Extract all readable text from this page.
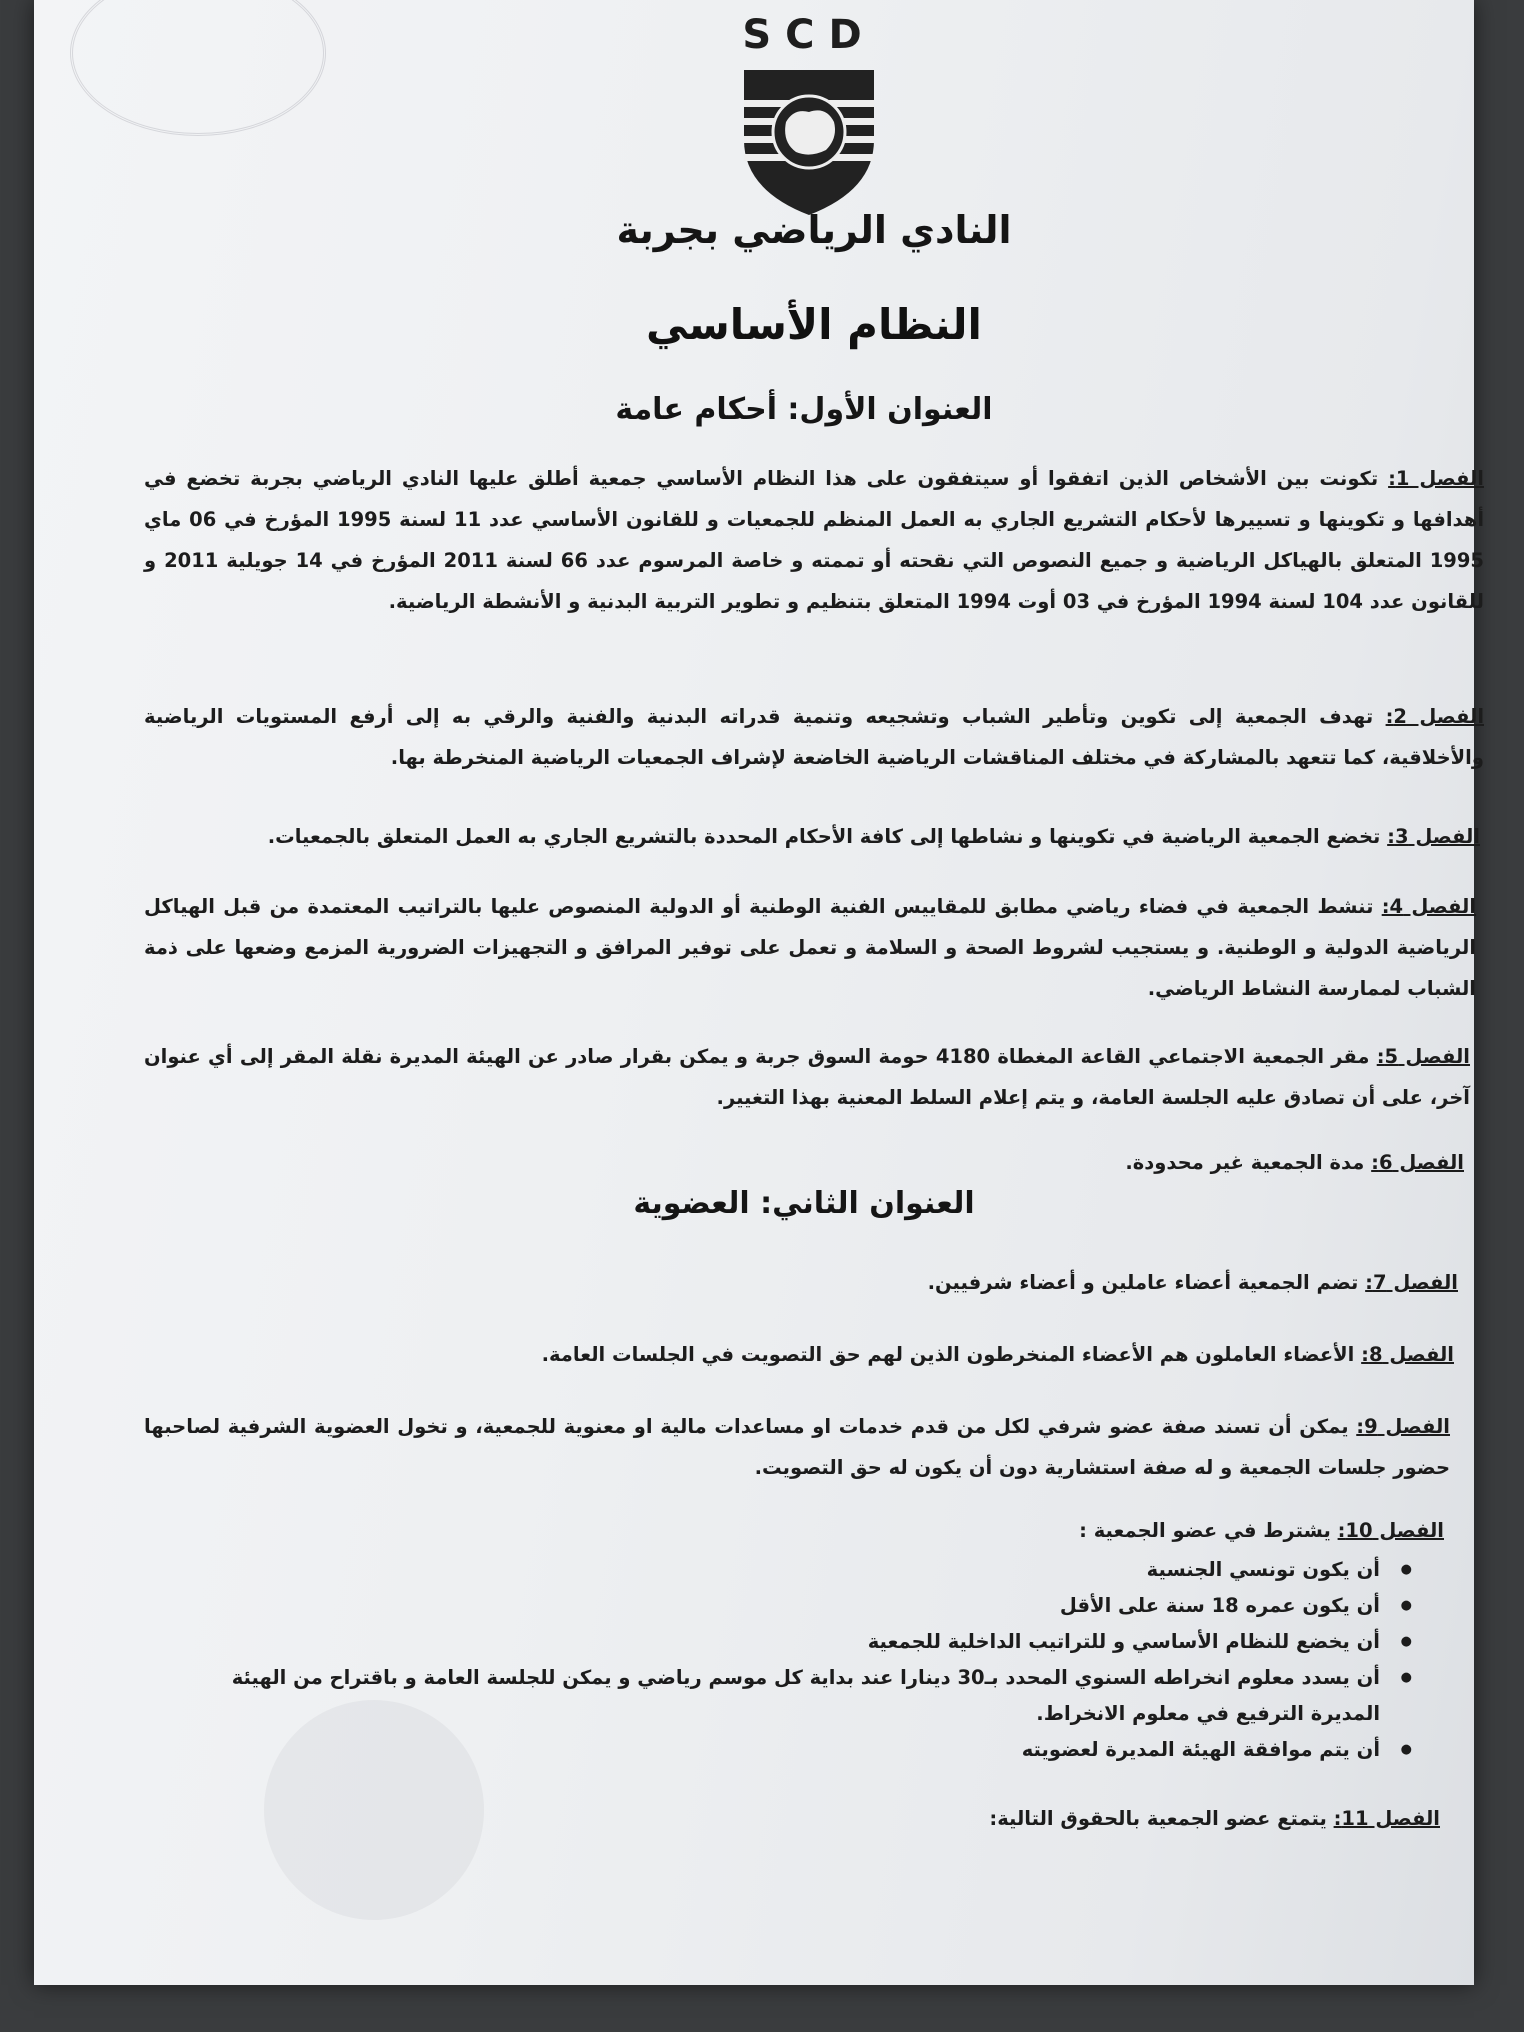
SCD
النادي الرياضي بجربة
النظام الأساسي
العنوان الأول: أحكام عامة
الفصل 1: تكونت بين الأشخاص الذين اتفقوا أو سيتفقون على هذا النظام الأساسي جمعية أطلق عليها النادي الرياضي بجربة تخضع في أهدافها و تكوينها و تسييرها لأحكام التشريع الجاري به العمل المنظم للجمعيات و للقانون الأساسي عدد 11 لسنة 1995 المؤرخ في 06 ماي 1995 المتعلق بالهياكل الرياضية و جميع النصوص التي نقحته أو تممته و خاصة المرسوم عدد 66 لسنة 2011 المؤرخ في 14 جويلية 2011 و للقانون عدد 104 لسنة 1994 المؤرخ في 03 أوت 1994 المتعلق بتنظيم و تطوير التربية البدنية و الأنشطة الرياضية.
الفصل 2: تهدف الجمعية إلى تكوين وتأطير الشباب وتشجيعه وتنمية قدراته البدنية والفنية والرقي به إلى أرفع المستويات الرياضية والأخلاقية، كما تتعهد بالمشاركة في مختلف المناقشات الرياضية الخاضعة لإشراف الجمعيات الرياضية المنخرطة بها.
الفصل 3: تخضع الجمعية الرياضية في تكوينها و نشاطها إلى كافة الأحكام المحددة بالتشريع الجاري به العمل المتعلق بالجمعيات.
الفصل 4: تنشط الجمعية في فضاء رياضي مطابق للمقاييس الفنية الوطنية أو الدولية المنصوص عليها بالتراتيب المعتمدة من قبل الهياكل الرياضية الدولية و الوطنية. و يستجيب لشروط الصحة و السلامة و تعمل على توفير المرافق و التجهيزات الضرورية المزمع وضعها على ذمة الشباب لممارسة النشاط الرياضي.
الفصل 5: مقر الجمعية الاجتماعي القاعة المغطاة 4180 حومة السوق جربة و يمكن بقرار صادر عن الهيئة المديرة نقلة المقر إلى أي عنوان آخر، على أن تصادق عليه الجلسة العامة، و يتم إعلام السلط المعنية بهذا التغيير.
الفصل 6: مدة الجمعية غير محدودة.
العنوان الثاني: العضوية
الفصل 7: تضم الجمعية أعضاء عاملين و أعضاء شرفيين.
الفصل 8: الأعضاء العاملون هم الأعضاء المنخرطون الذين لهم حق التصويت في الجلسات العامة.
الفصل 9: يمكن أن تسند صفة عضو شرفي لكل من قدم خدمات او مساعدات مالية او معنوية للجمعية، و تخول العضوية الشرفية لصاحبها حضور جلسات الجمعية و له صفة استشارية دون أن يكون له حق التصويت.
الفصل 10: يشترط في عضو الجمعية :
● أن يكون تونسي الجنسية
● أن يكون عمره 18 سنة على الأقل
● أن يخضع للنظام الأساسي و للتراتيب الداخلية للجمعية
● أن يسدد معلوم انخراطه السنوي المحدد بـ30 دينارا عند بداية كل موسم رياضي و يمكن للجلسة العامة و باقتراح من الهيئة المديرة الترفيع في معلوم الانخراط.
● أن يتم موافقة الهيئة المديرة لعضويته
الفصل 11: يتمتع عضو الجمعية بالحقوق التالية:
